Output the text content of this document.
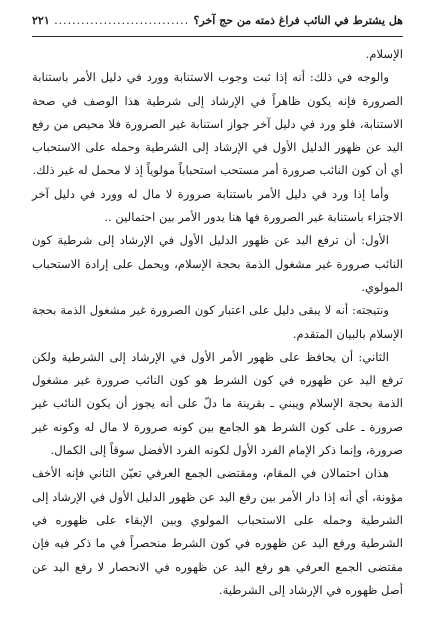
هل يشترط في النائب فراغ ذمته من حج آخر؟
..............................
٢٢١

الإسلام.

والوجه في ذلك: أنه إذا ثبت وجوب الاستنابة وورد في دليل الأمر باستنابة الصرورة فإنه يكون ظاهراً في الإرشاد إلى شرطية هذا الوصف في صحة الاستنابة، فلو ورد في دليل آخر جواز استنابة غير الصرورة فلا محيص من رفع اليد عن ظهور الدليل الأول في الإرشاد إلى الشرطية وحمله على الاستحباب أي أن كون النائب صرورة أمر مستحب استحباباً مولوياً إذ لا محمل له غير ذلك.

وأما إذا ورد في دليل الأمر باستنابة صرورة لا مال له وورد في دليل آخر الاجتزاء باستنابة غير الصرورة فها هنا يدور الأمر بين احتمالين ..

الأول: أن ترفع اليد عن ظهور الدليل الأول في الإرشاد إلى شرطية كون النائب صرورة غير مشغول الذمة بحجة الإسلام، ويحمل على إرادة الاستحباب المولوي.

ونتيجته: أنه لا يبقى دليل على اعتبار كون الصرورة غير مشغول الذمة بحجة الإسلام بالبيان المتقدم.

الثاني: أن يحافظ على ظهور الأمر الأول في الإرشاد إلى الشرطية ولكن ترفع اليد عن ظهوره في كون الشرط هو كون النائب صرورة غير مشغول الذمة بحجة الإسلام ويبني ـ بقرينة ما دلّ على أنه يجوز أن يكون النائب غير صرورة ـ على كون الشرط هو الجامع بين كونه صرورة لا مال له وكونه غير صرورة، وإنما ذكر الإمام الفرد الأول لكونه الفرد الأفضل سوقاً إلى الكمال.

هذان احتمالان في المقام، ومقتضى الجمع العرفي تعيّن الثاني فإنه الأخف مؤونة، أي أنه إذا دار الأمر بين رفع اليد عن ظهور الدليل الأول في الإرشاد إلى الشرطية وحمله على الاستحباب المولوي وبين الإبقاء على ظهوره في الشرطية ورفع اليد عن ظهوره في كون الشرط منحصراً في ما ذكر فيه فإن مقتضى الجمع العرفي هو رفع اليد عن ظهوره في الانحصار لا رفع اليد عن أصل ظهوره في الإرشاد إلى الشرطية.
